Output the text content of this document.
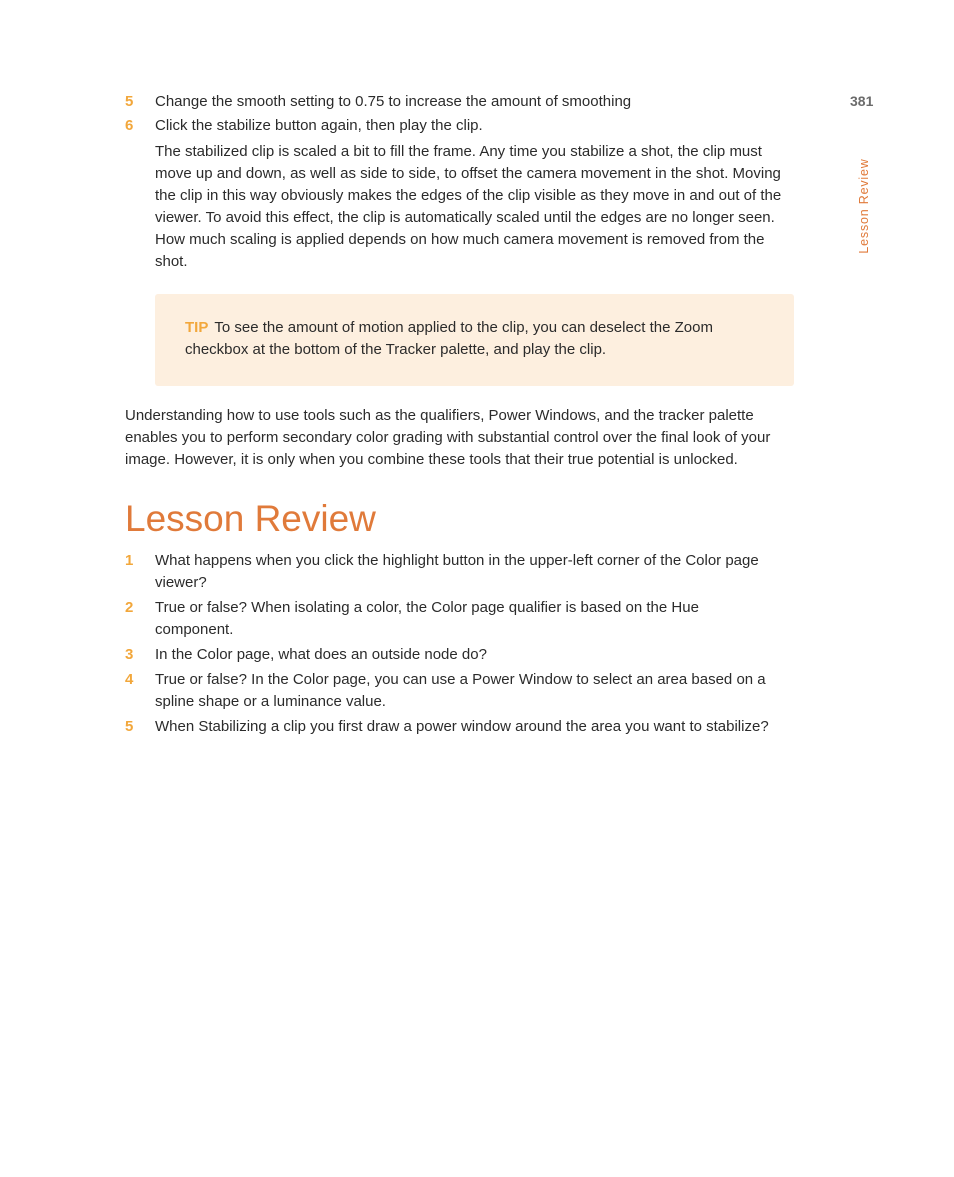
381
Lesson Review
5 Change the smooth setting to 0.75 to increase the amount of smoothing
6 Click the stabilize button again, then play the clip.

The stabilized clip is scaled a bit to fill the frame. Any time you stabilize a shot, the clip must move up and down, as well as side to side, to offset the camera movement in the shot. Moving the clip in this way obviously makes the edges of the clip visible as they move in and out of the viewer. To avoid this effect, the clip is automatically scaled until the edges are no longer seen. How much scaling is applied depends on how much camera movement is removed from the shot.

TIP To see the amount of motion applied to the clip, you can deselect the Zoom checkbox at the bottom of the Tracker palette, and play the clip.

Understanding how to use tools such as the qualifiers, Power Windows, and the tracker palette enables you to perform secondary color grading with substantial control over the final look of your image. However, it is only when you combine these tools that their true potential is unlocked.

Lesson Review
1 What happens when you click the highlight button in the upper-left corner of the Color page viewer?
2 True or false? When isolating a color, the Color page qualifier is based on the Hue component.
3 In the Color page, what does an outside node do?
4 True or false? In the Color page, you can use a Power Window to select an area based on a spline shape or a luminance value.
5 When Stabilizing a clip you first draw a power window around the area you want to stabilize?
